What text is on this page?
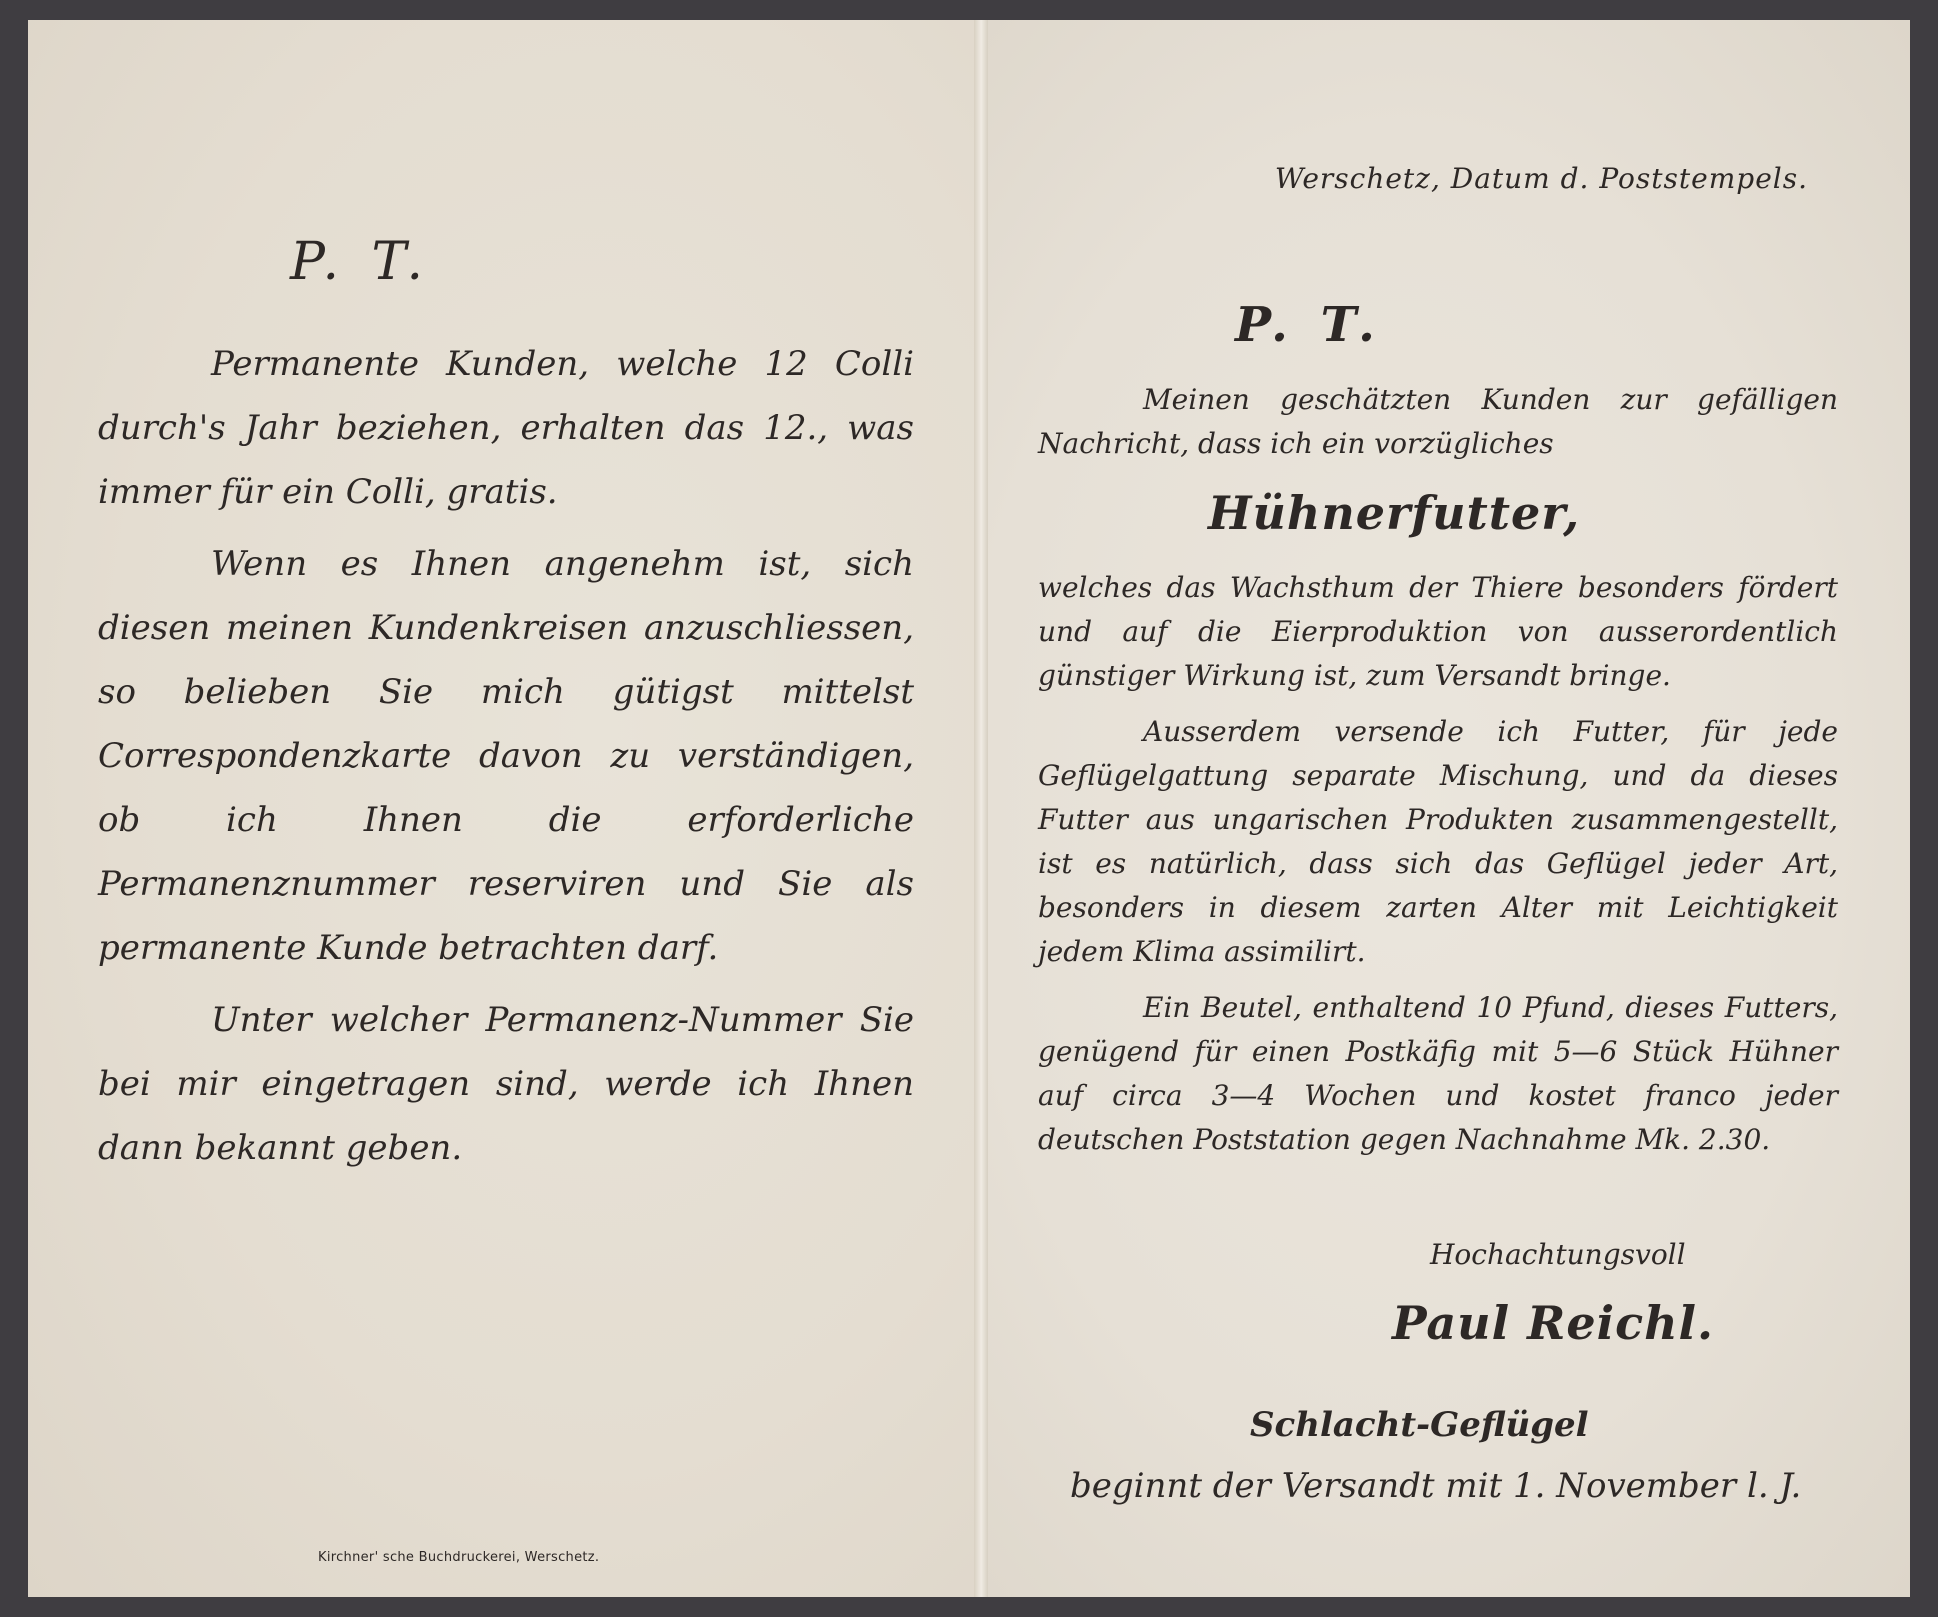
P. T.

Permanente Kunden, welche 12 Colli durch's Jahr beziehen, erhalten das 12., was immer für ein Colli, gratis.

Wenn es Ihnen angenehm ist, sich diesen meinen Kundenkreisen anzuschliessen, so belieben Sie mich gütigst mittelst Correspondenzkarte davon zu verständigen, ob ich Ihnen die erforderliche Permanenznummer reserviren und Sie als permanente Kunde betrachten darf.

Unter welcher Permanenz-Nummer Sie bei mir eingetragen sind, werde ich Ihnen dann bekannt geben.

Kirchner' sche Buchdruckerei, Werschetz.
Werschetz, Datum d. Poststempels.
P. T.

Meinen geschätzten Kunden zur gefälligen Nachricht, dass ich ein vorzügliches

Hühnerfutter,

welches das Wachsthum der Thiere besonders fördert und auf die Eierproduktion von ausserordentlich günstiger Wirkung ist, zum Versandt bringe.

Ausserdem versende ich Futter, für jede Geflügelgattung separate Mischung, und da dieses Futter aus ungarischen Produkten zusammengestellt, ist es natürlich, dass sich das Geflügel jeder Art, besonders in diesem zarten Alter mit Leichtigkeit jedem Klima assimilirt.

Ein Beutel, enthaltend 10 Pfund, dieses Futters, genügend für einen Postkäfig mit 5—6 Stück Hühner auf circa 3—4 Wochen und kostet franco jeder deutschen Poststation gegen Nachnahme Mk. 2.30.

Hochachtungsvoll
Paul Reichl.
Schlacht-Geflügel
beginnt der Versandt mit 1. November l. J.
